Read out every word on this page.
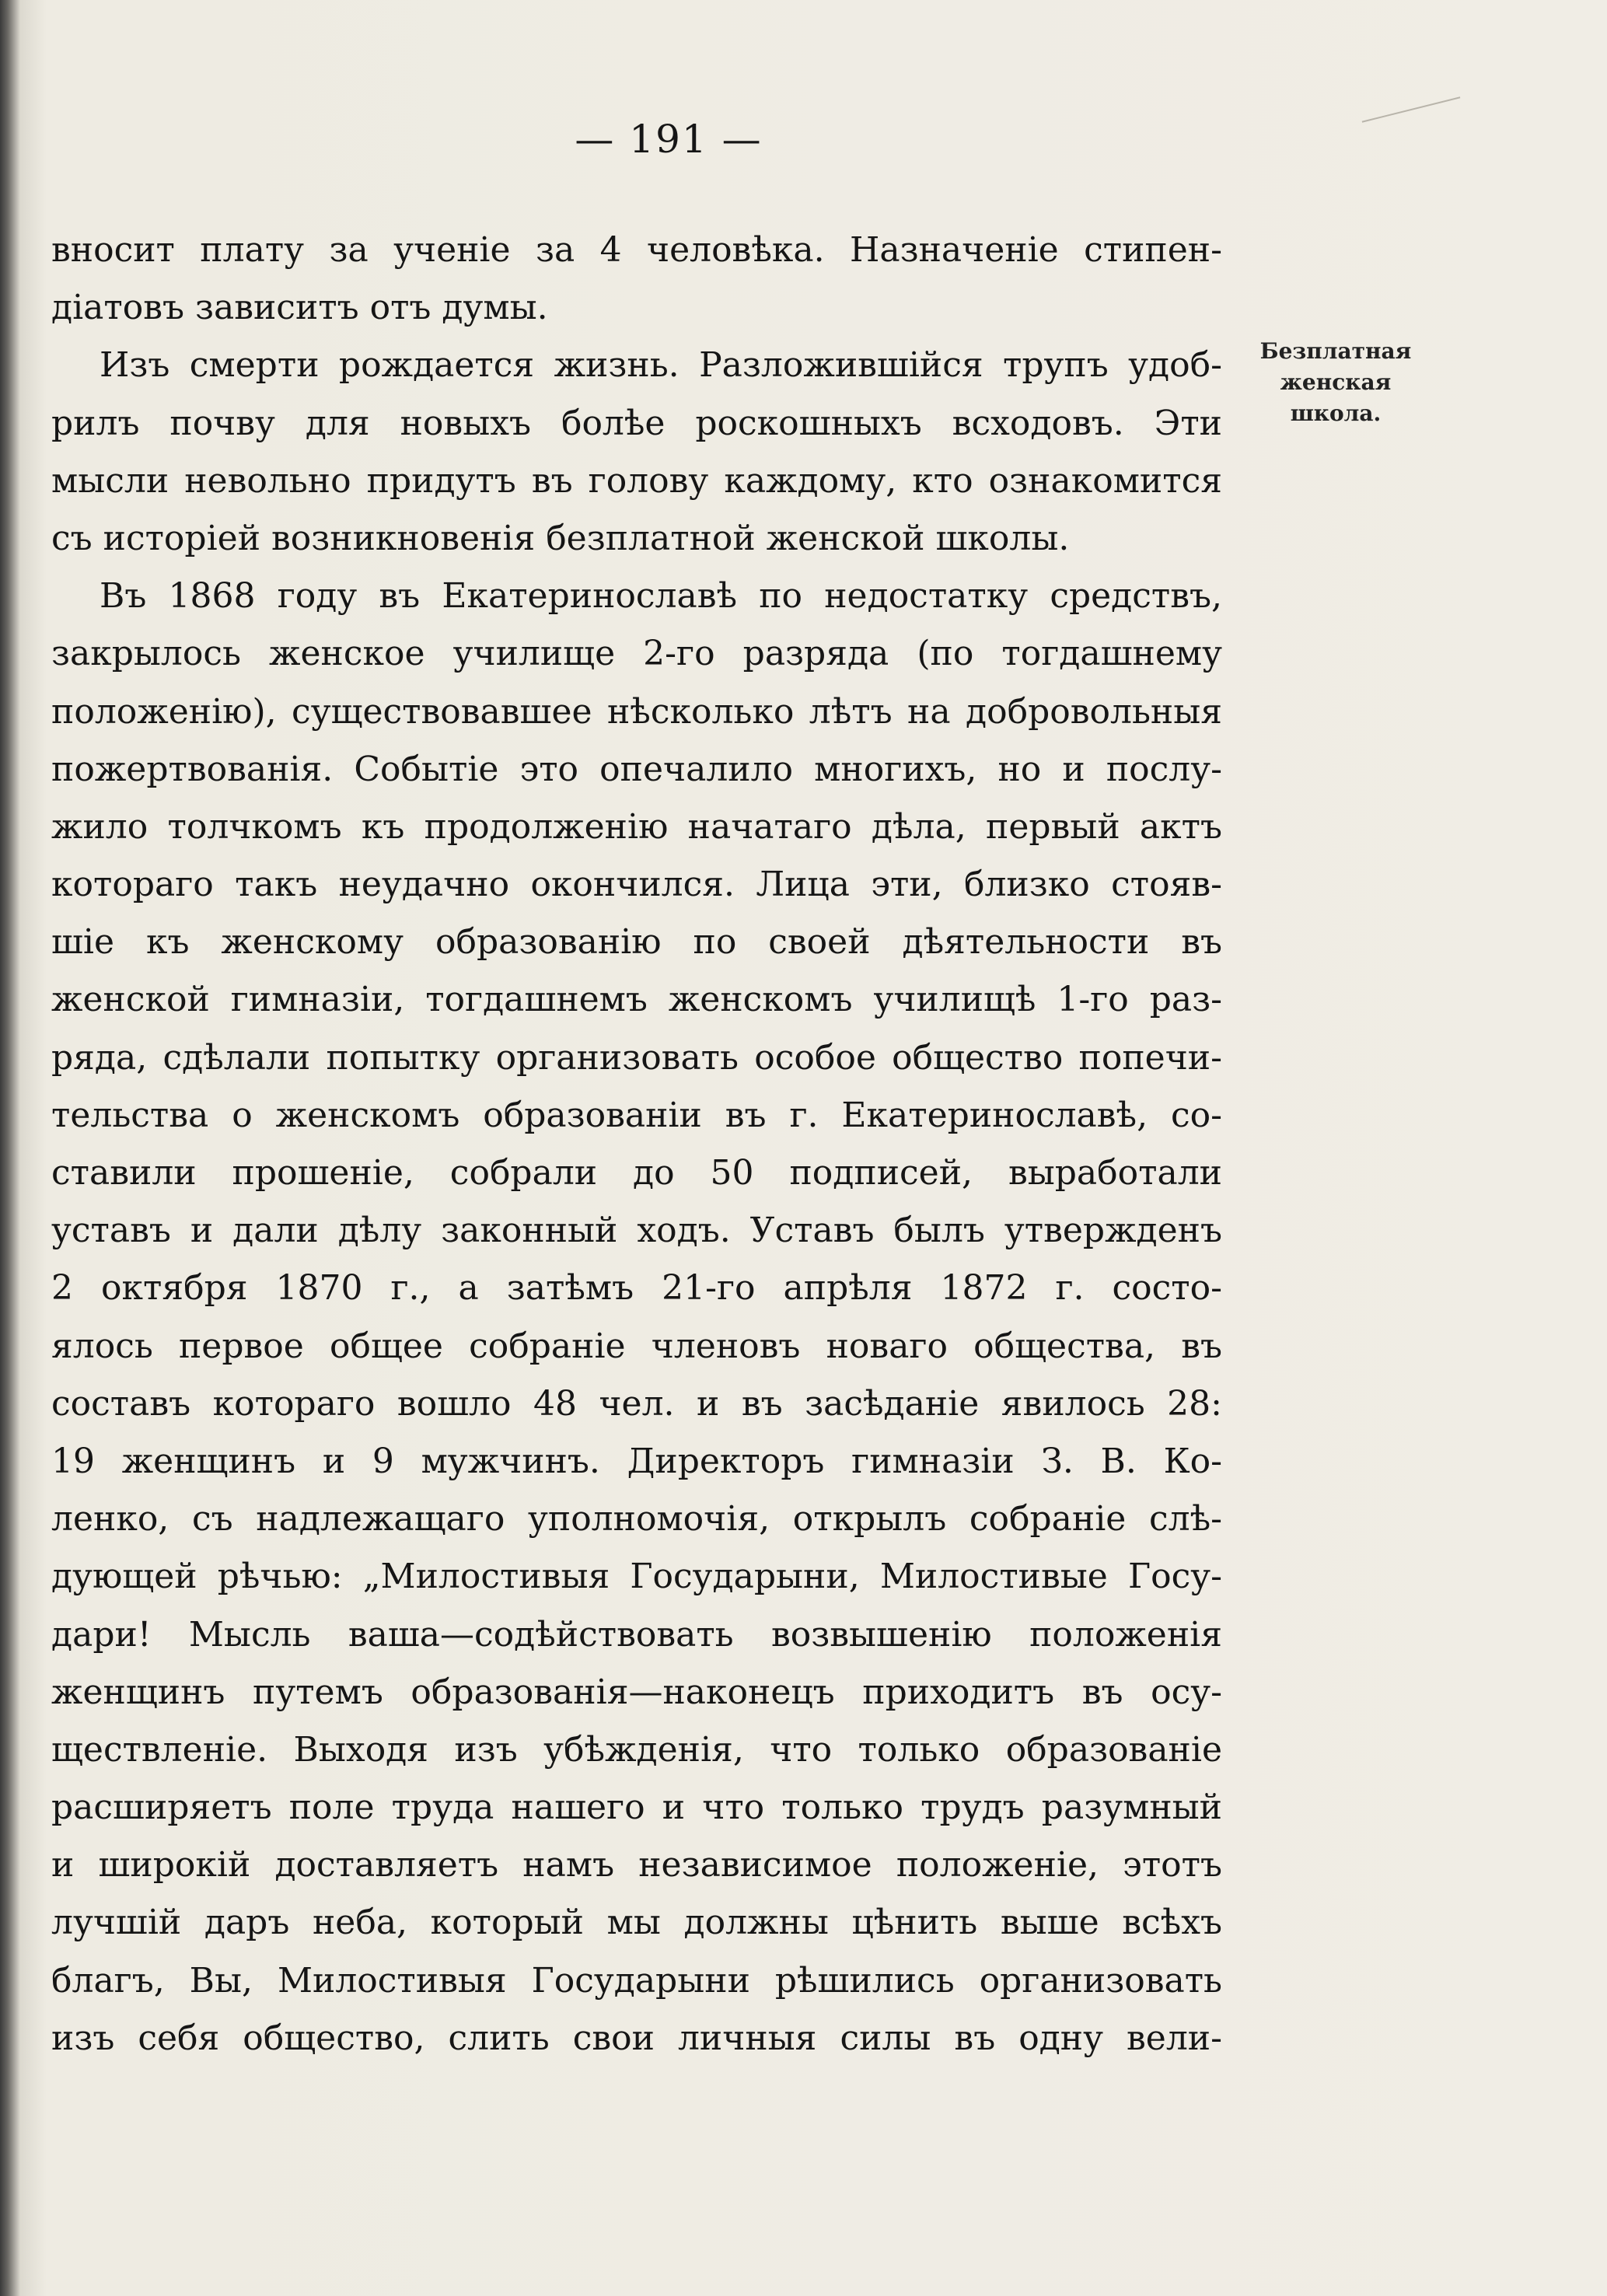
— 191 —
Безплатная
женская
школа.
вносит плату за ученіе за 4 человѣка. Назначеніе стипен-
діатовъ зависитъ отъ думы.
Изъ смерти рождается жизнь. Разложившійся трупъ удоб-
рилъ почву для новыхъ болѣе роскошныхъ всходовъ. Эти
мысли невольно придутъ въ голову каждому, кто ознакомится
съ исторіей возникновенія безплатной женской школы.
Въ 1868 году въ Екатеринославѣ по недостатку средствъ,
закрылось женское училище 2-го разряда (по тогдашнему
положенію), существовавшее нѣсколько лѣтъ на добровольныя
пожертвованія. Событіе это опечалило многихъ, но и послу-
жило толчкомъ къ продолженію начатаго дѣла, первый актъ
котораго такъ неудачно окончился. Лица эти, близко стояв-
шіе къ женскому образованію по своей дѣятельности въ
женской гимназіи, тогдашнемъ женскомъ училищѣ 1-го раз-
ряда, сдѣлали попытку организовать особое общество попечи-
тельства о женскомъ образованіи въ г. Екатеринославѣ, со-
ставили прошеніе, собрали до 50 подписей, выработали
уставъ и дали дѣлу законный ходъ. Уставъ былъ утвержденъ
2 октября 1870 г., а затѣмъ 21-го апрѣля 1872 г. состо-
ялось первое общее собраніе членовъ новаго общества, въ
составъ котораго вошло 48 чел. и въ засѣданіе явилось 28:
19 женщинъ и 9 мужчинъ. Директоръ гимназіи З. В. Ко-
ленко, съ надлежащаго уполномочія, открылъ собраніе слѣ-
дующей рѣчью: „Милостивыя Государыни, Милостивые Госу-
дари! Мысль ваша—содѣйствовать возвышенію положенія
женщинъ путемъ образованія—наконецъ приходитъ въ осу-
ществленіе. Выходя изъ убѣжденія, что только образованіе
расширяетъ поле труда нашего и что только трудъ разумный
и широкій доставляетъ намъ независимое положеніе, этотъ
лучшій даръ неба, который мы должны цѣнить выше всѣхъ
благъ, Вы, Милостивыя Государыни рѣшились организовать
изъ себя общество, слить свои личныя силы въ одну вели-
